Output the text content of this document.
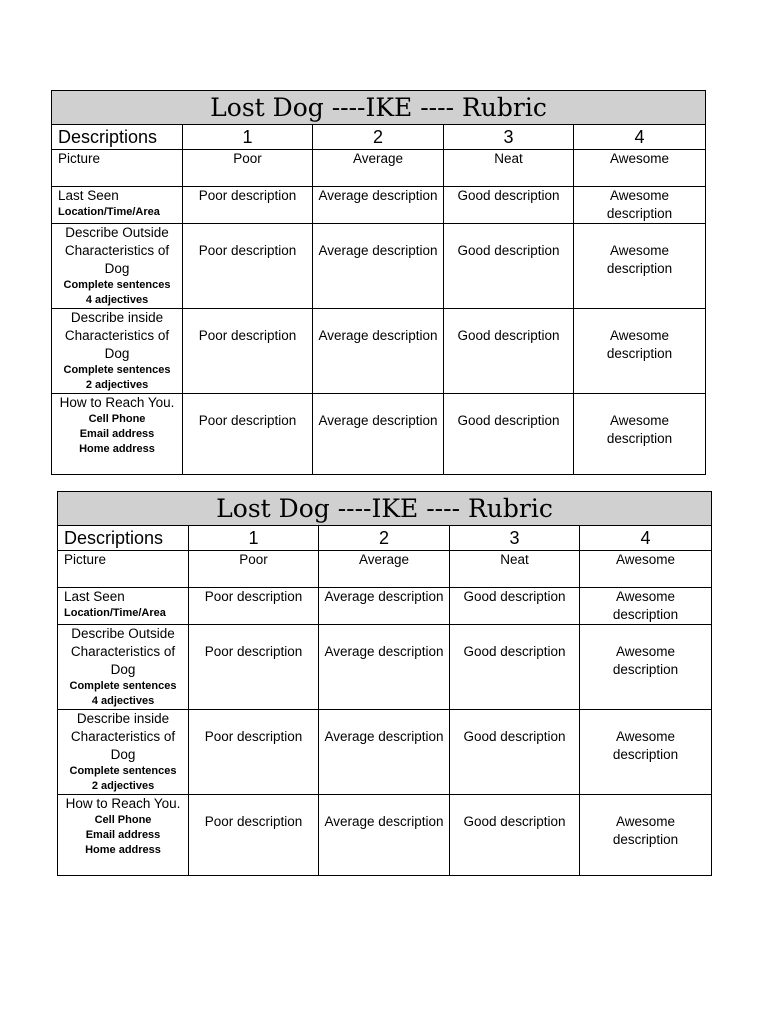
Lost Dog ----IKE ---- Rubric				
Descriptions	1	2	3	4

Picture	Poor	Average	Neat	Awesome

Last Seen
Location/Time/Area	Poor description	Average description	Good description	Awesome description

Describe Outside Characteristics of Dog
Complete sentences
4 adjectives	Poor description	Average description	Good description	Awesome description

Describe inside Characteristics of Dog
Complete sentences
2 adjectives	Poor description	Average description	Good description	Awesome description

How to Reach You.
Cell Phone
Email address
Home address	Poor description	Average description	Good description	Awesome description
Lost Dog ----IKE ---- Rubric				
Descriptions	1	2	3	4

Picture	Poor	Average	Neat	Awesome

Last Seen
Location/Time/Area	Poor description	Average description	Good description	Awesome description

Describe Outside Characteristics of Dog
Complete sentences
4 adjectives	Poor description	Average description	Good description	Awesome description

Describe inside Characteristics of Dog
Complete sentences
2 adjectives	Poor description	Average description	Good description	Awesome description

How to Reach You.
Cell Phone
Email address
Home address	Poor description	Average description	Good description	Awesome description
